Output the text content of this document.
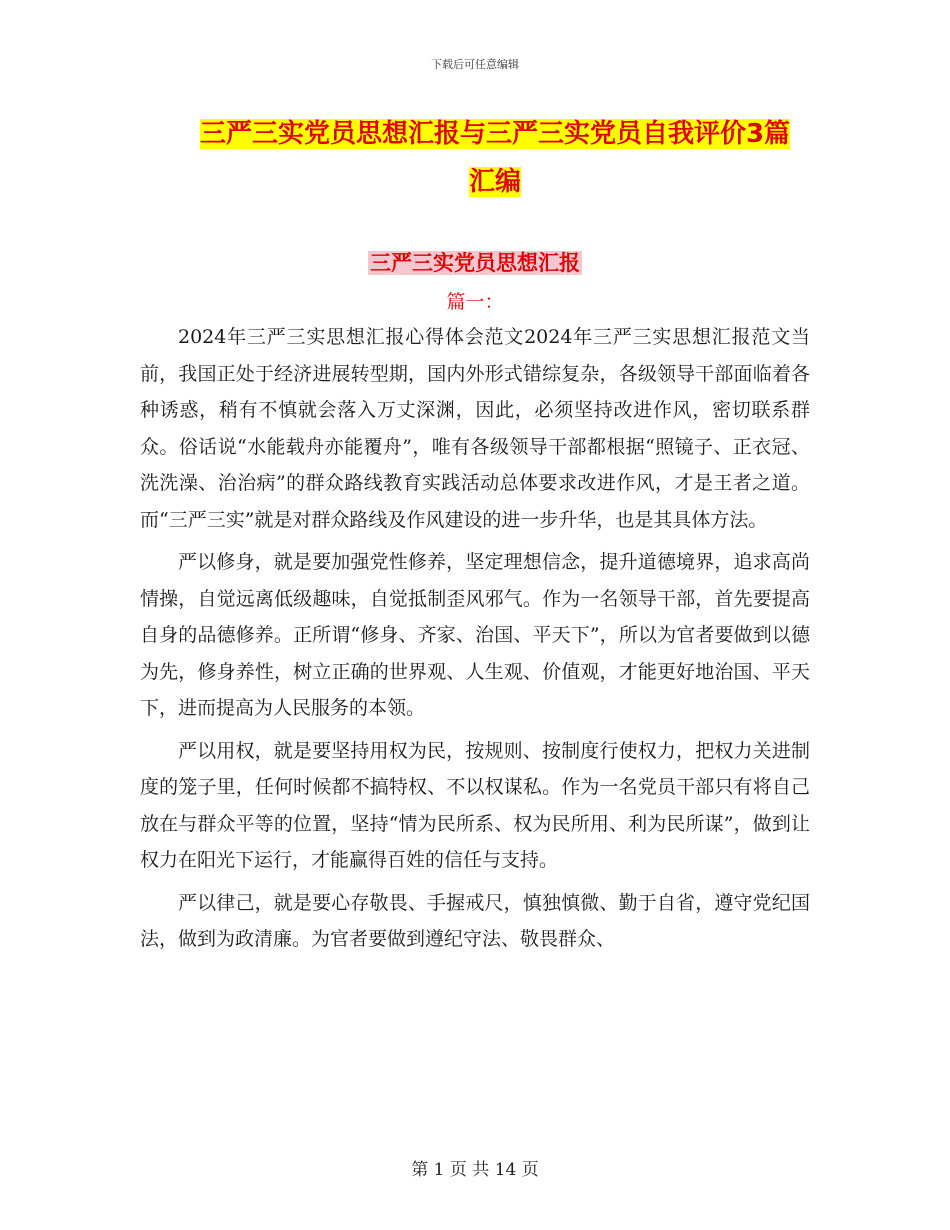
下载后可任意编辑
三严三实党员思想汇报与三严三实党员自我评价3篇
汇编
三严三实党员思想汇报
篇一：

2024年三严三实思想汇报心得体会范文2024年三严三实思想汇报范文当前，我国正处于经济进展转型期，国内外形式错综复杂，各级领导干部面临着各种诱惑，稍有不慎就会落入万丈深渊，因此，必须坚持改进作风，密切联系群众。俗话说“水能载舟亦能覆舟”，唯有各级领导干部都根据“照镜子、正衣冠、洗洗澡、治治病”的群众路线教育实践活动总体要求改进作风，才是王者之道。而“三严三实”就是对群众路线及作风建设的进一步升华，也是其具体方法。

严以修身，就是要加强党性修养，坚定理想信念，提升道德境界，追求高尚情操，自觉远离低级趣味，自觉抵制歪风邪气。作为一名领导干部，首先要提高自身的品德修养。正所谓“修身、齐家、治国、平天下”，所以为官者要做到以德为先，修身养性，树立正确的世界观、人生观、价值观，才能更好地治国、平天下，进而提高为人民服务的本领。

严以用权，就是要坚持用权为民，按规则、按制度行使权力，把权力关进制度的笼子里，任何时候都不搞特权、不以权谋私。作为一名党员干部只有将自己放在与群众平等的位置，坚持“情为民所系、权为民所用、利为民所谋”，做到让权力在阳光下运行，才能赢得百姓的信任与支持。

严以律己，就是要心存敬畏、手握戒尺，慎独慎微、勤于自省，遵守党纪国法，做到为政清廉。为官者要做到遵纪守法、敬畏群众、

第 1 页 共 14 页
